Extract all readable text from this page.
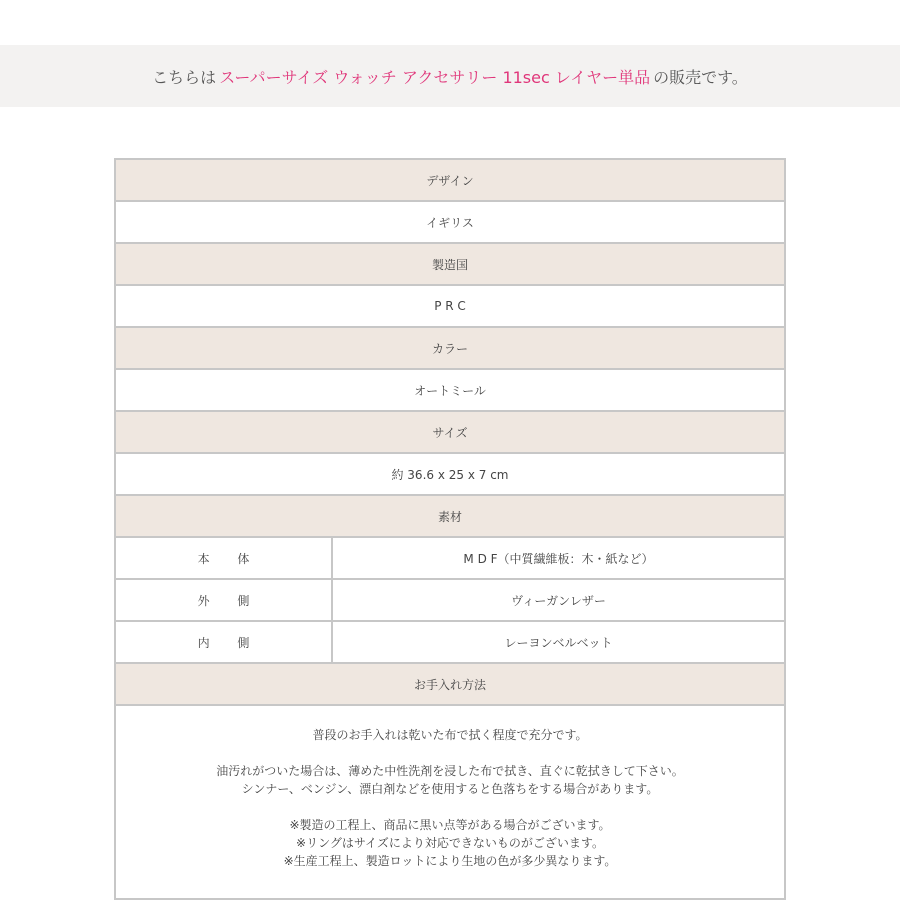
こちらは スーパーサイズ ウォッチ アクセサリー 11sec レイヤー単品 の販売です。
デザイン
イギリス
製造国
P R C
カラー
オートミール
サイズ
約 36.6 x 25 x 7 cm
素材
本 体	M D F（中質繊維板：木・紙など）
外 側	ヴィーガンレザー
内 側	レーヨンベルベット
お手入れ方法

普段のお手入れは乾いた布で拭く程度で充分です。

油汚れがついた場合は、薄めた中性洗剤を浸した布で拭き、直ぐに乾拭きして下さい。
シンナー、ベンジン、漂白剤などを使用すると色落ちをする場合があります。

※製造の工程上、商品に黒い点等がある場合がございます。
※リングはサイズにより対応できないものがございます。
※生産工程上、製造ロットにより生地の色が多少異なります。
